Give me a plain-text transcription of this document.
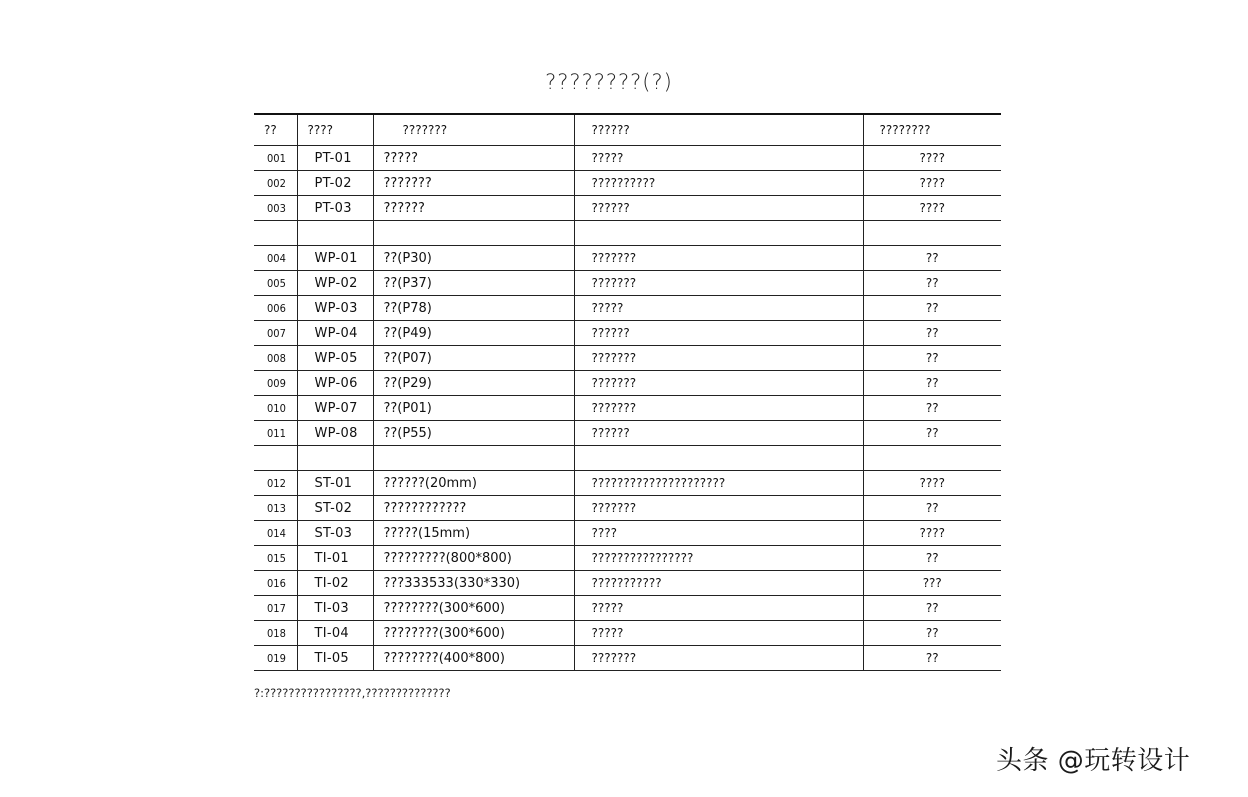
????????(?)
??	????	???????	??????	????????
001	PT-01	?????	?????	????
002	PT-02	???????	??????????	????
003	PT-03	??????	??????	????

004	WP-01	??(P30)	???????	??
005	WP-02	??(P37)	???????	??
006	WP-03	??(P78)	?????	??
007	WP-04	??(P49)	??????	??
008	WP-05	??(P07)	???????	??
009	WP-06	??(P29)	???????	??
010	WP-07	??(P01)	???????	??
011	WP-08	??(P55)	??????	??

012	ST-01	??????(20mm)	?????????????????????	????
013	ST-02	????????????	???????	??
014	ST-03	?????(15mm)	????	????
015	TI-01	?????????(800*800)	????????????????	??
016	TI-02	???333533(330*330)	???????????	???
017	TI-03	????????(300*600)	?????	??
018	TI-04	????????(300*600)	?????	??
019	TI-05	????????(400*800)	???????	??
?:????????????????,??????????????
头条 @玩转设计
